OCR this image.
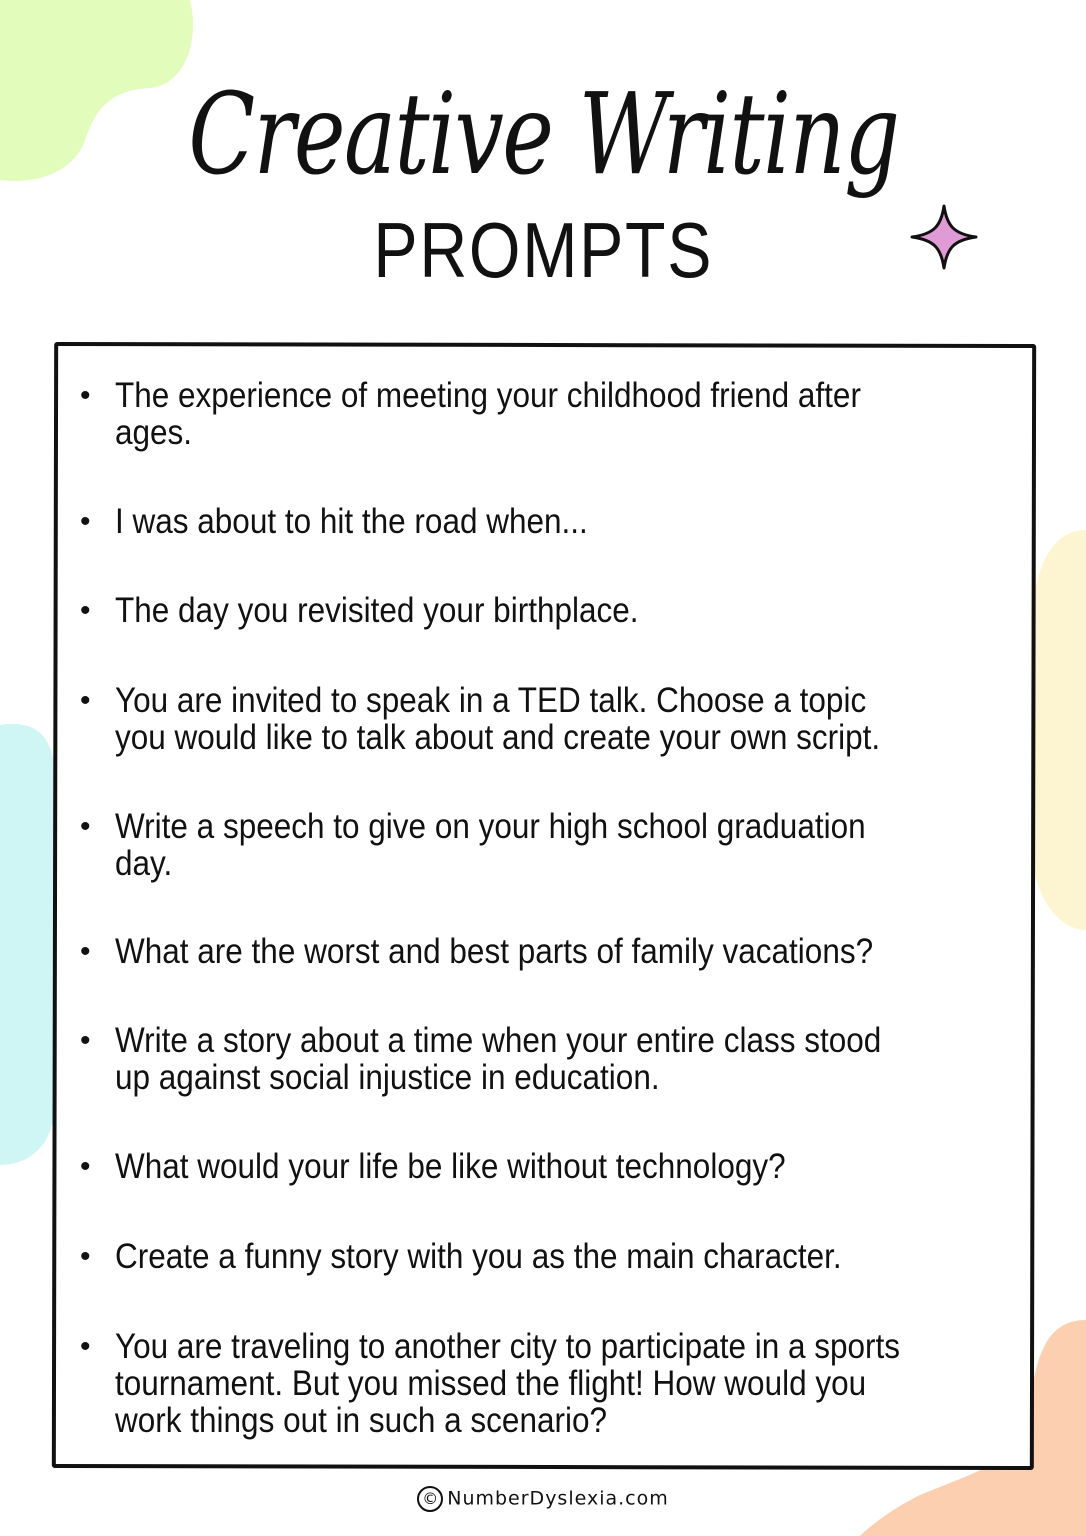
Creative Writing
PROMPTS
• The experience of meeting your childhood friend after ages.
• I was about to hit the road when...
• The day you revisited your birthplace.
• You are invited to speak in a TED talk. Choose a topic you would like to talk about and create your own script.
• Write a speech to give on your high school graduation day.
• What are the worst and best parts of family vacations?
• Write a story about a time when your entire class stood up against social injustice in education.
• What would your life be like without technology?
• Create a funny story with you as the main character.
• You are traveling to another city to participate in a sports tournament. But you missed the flight! How would you work things out in such a scenario?
© NumberDyslexia.com
